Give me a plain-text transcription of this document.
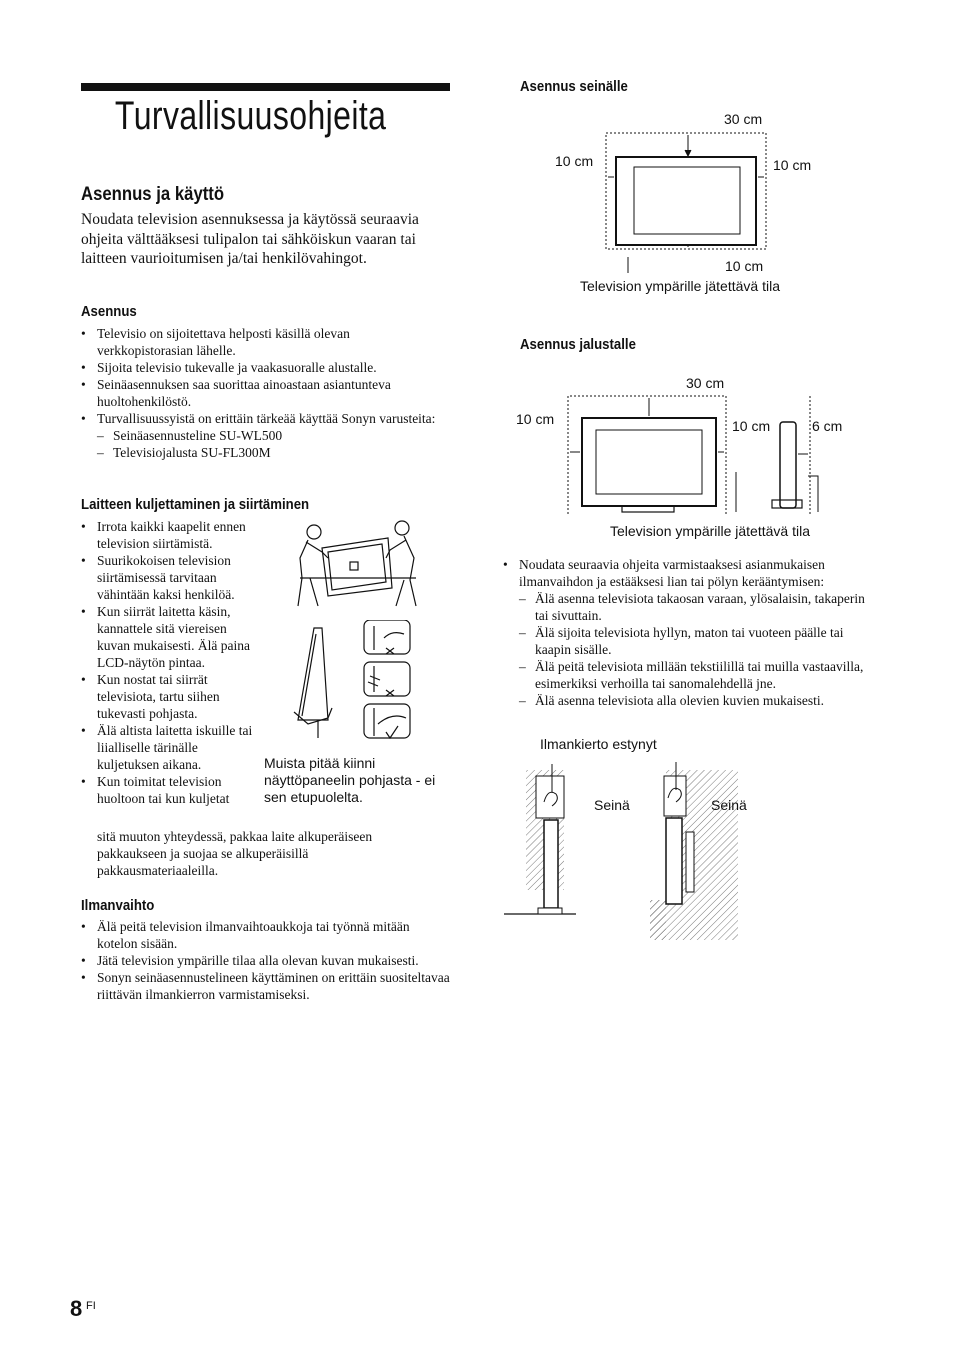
Turvallisuusohjeita
Asennus ja käyttö
Noudata television asennuksessa ja käytössä seuraavia ohjeita välttääksesi tulipalon tai sähköiskun vaaran tai laitteen vaurioitumisen ja/tai henkilövahingot.
Asennus
• Televisio on sijoitettava helposti käsillä olevan verkkopistorasian lähelle.
• Sijoita televisio tukevalle ja vaakasuoralle alustalle.
• Seinäasennuksen saa suorittaa ainoastaan asiantunteva huoltohenkilöstö.
• Turvallisuussyistä on erittäin tärkeää käyttää Sonyn varusteita:
– Seinäasennusteline SU-WL500
– Televisiojalusta SU-FL300M
Laitteen kuljettaminen ja siirtäminen
• Irrota kaikki kaapelit ennen television siirtämistä.
• Suurikokoisen television siirtämisessä tarvitaan vähintään kaksi henkilöä.
• Kun siirrät laitetta käsin, kannattele sitä viereisen kuvan mukaisesti. Älä paina LCD-näytön pintaa.
• Kun nostat tai siirrät televisiota, tartu siihen tukevasti pohjasta.
• Älä altista laitetta iskuille tai liialliselle tärinälle kuljetuksen aikana.
• Kun toimitat television huoltoon tai kun kuljetat
sitä muuton yhteydessä, pakkaa laite alkuperäiseen pakkaukseen ja suojaa se alkuperäisillä pakkausmateriaaleilla.
Muista pitää kiinni näyttöpaneelin pohjasta - ei sen etupuolelta.
Ilmanvaihto
• Älä peitä television ilmanvaihtoaukkoja tai työnnä mitään kotelon sisään.
• Jätä television ympärille tilaa alla olevan kuvan mukaisesti.
• Sonyn seinäasennustelineen käyttäminen on erittäin suositeltavaa riittävän ilmankierron varmistamiseksi.
Asennus seinälle
30 cm
10 cm	10 cm
10 cm
Television ympärille jätettävä tila
Asennus jalustalle
30 cm
10 cm	10 cm	6 cm
Television ympärille jätettävä tila
• Noudata seuraavia ohjeita varmistaaksesi asianmukaisen ilmanvaihdon ja estääksesi lian tai pölyn kerääntymisen:
– Älä asenna televisiota takaosan varaan, ylösalaisin, takaperin tai sivuttain.
– Älä sijoita televisiota hyllyn, maton tai vuoteen päälle tai kaapin sisälle.
– Älä peitä televisiota millään tekstiilillä tai muilla vastaavilla, esimerkiksi verhoilla tai sanomalehdellä jne.
– Älä asenna televisiota alla olevien kuvien mukaisesti.
Ilmankierto estynyt
Seinä	Seinä
8 FI
